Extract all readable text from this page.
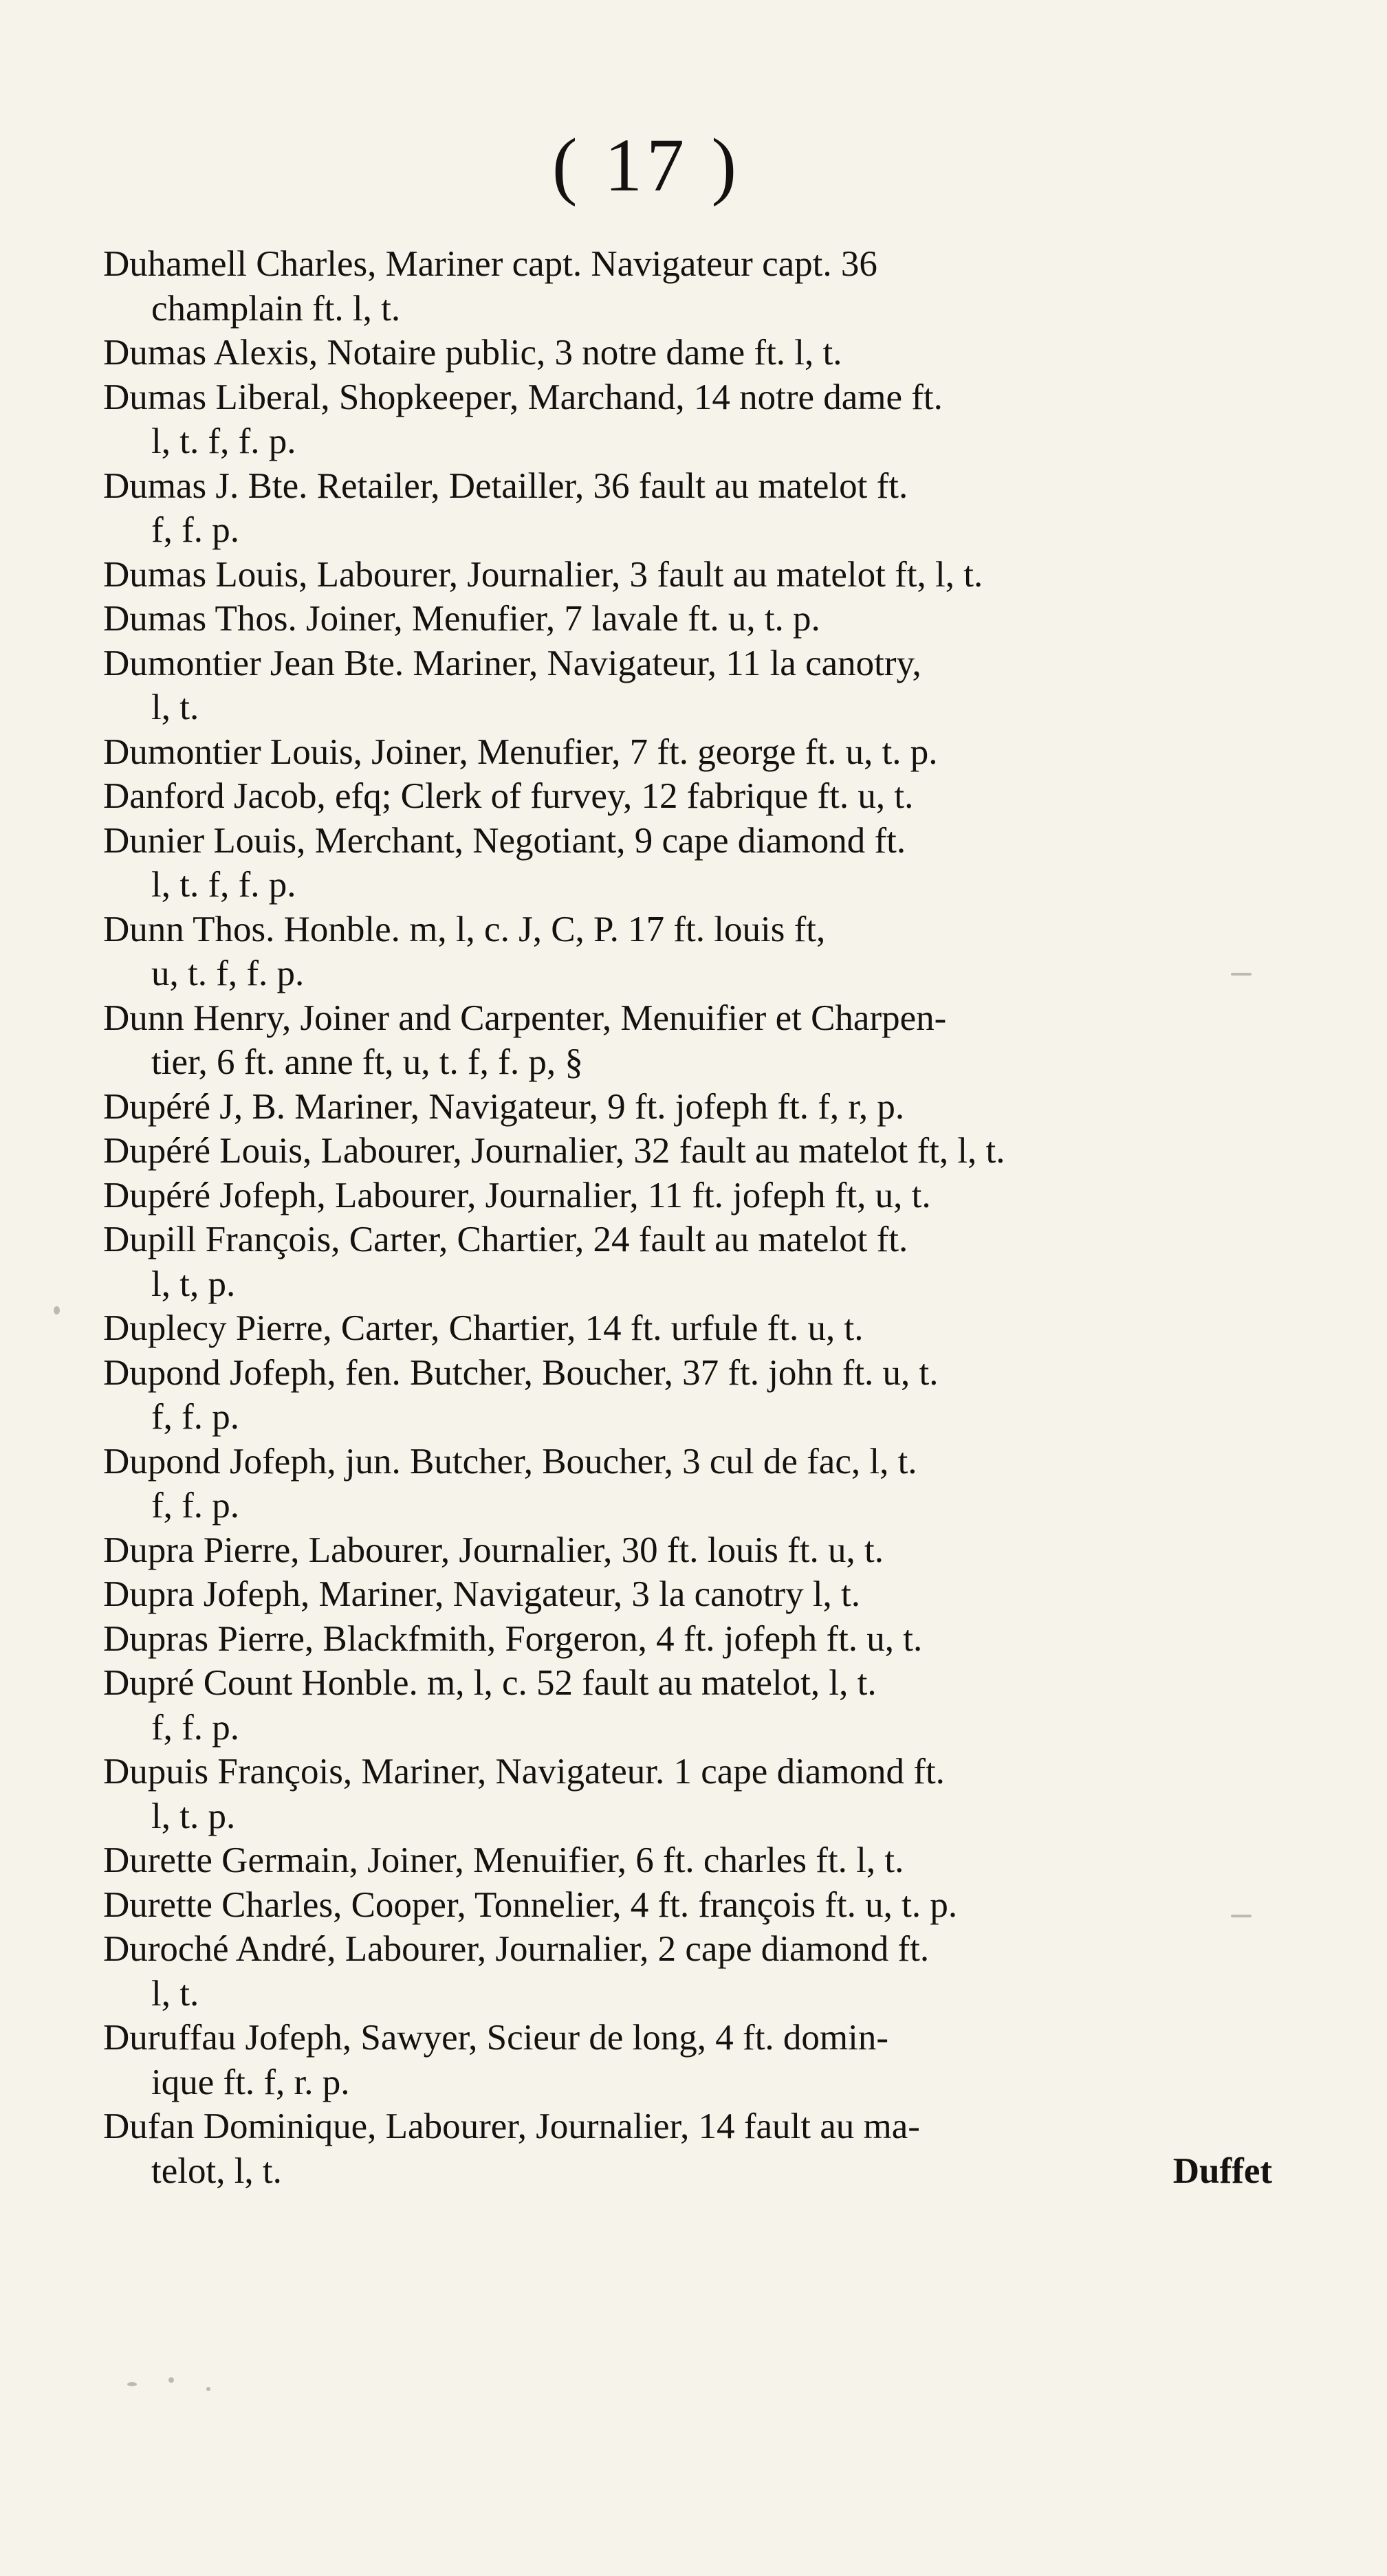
( 17 )
Duhamell Charles, Mariner capt. Navigateur capt. 36
champlain ft. l, t.
Dumas Alexis, Notaire public, 3 notre dame ft. l, t.
Dumas Liberal, Shopkeeper, Marchand, 14 notre dame ft.
l, t. f, f. p.
Dumas J. Bte. Retailer, Detailler, 36 fault au matelot ft.
f, f. p.
Dumas Louis, Labourer, Journalier, 3 fault au matelot ft, l, t.
Dumas Thos. Joiner, Menufier, 7 lavale ft. u, t. p.
Dumontier Jean Bte. Mariner, Navigateur, 11 la canotry,
l, t.
Dumontier Louis, Joiner, Menufier, 7 ft. george ft. u, t. p.
Danford Jacob, efq; Clerk of furvey, 12 fabrique ft. u, t.
Dunier Louis, Merchant, Negotiant, 9 cape diamond ft.
l, t. f, f. p.
Dunn Thos. Honble. m, l, c. J, C, P. 17 ft. louis ft,
u, t. f, f. p.
Dunn Henry, Joiner and Carpenter, Menuifier et Charpen-
tier, 6 ft. anne ft, u, t. f, f. p, §
Dupéré J, B. Mariner, Navigateur, 9 ft. jofeph ft. f, r, p.
Dupéré Louis, Labourer, Journalier, 32 fault au matelot ft, l, t.
Dupéré Jofeph, Labourer, Journalier, 11 ft. jofeph ft, u, t.
Dupill François, Carter, Chartier, 24 fault au matelot ft.
l, t, p.
Duplecy Pierre, Carter, Chartier, 14 ft. urfule ft. u, t.
Dupond Jofeph, fen. Butcher, Boucher, 37 ft. john ft. u, t.
f, f. p.
Dupond Jofeph, jun. Butcher, Boucher, 3 cul de fac, l, t.
f, f. p.
Dupra Pierre, Labourer, Journalier, 30 ft. louis ft. u, t.
Dupra Jofeph, Mariner, Navigateur, 3 la canotry l, t.
Dupras Pierre, Blackfmith, Forgeron, 4 ft. jofeph ft. u, t.
Dupré Count Honble. m, l, c. 52 fault au matelot, l, t.
f, f. p.
Dupuis François, Mariner, Navigateur. 1 cape diamond ft.
l, t. p.
Durette Germain, Joiner, Menuifier, 6 ft. charles ft. l, t.
Durette Charles, Cooper, Tonnelier, 4 ft. françois ft. u, t. p.
Duroché André, Labourer, Journalier, 2 cape diamond ft.
l, t.
Duruffau Jofeph, Sawyer, Scieur de long, 4 ft. domin-
ique ft. f, r. p.
Dufan Dominique, Labourer, Journalier, 14 fault au ma-
telot, l, t.	Duffet
